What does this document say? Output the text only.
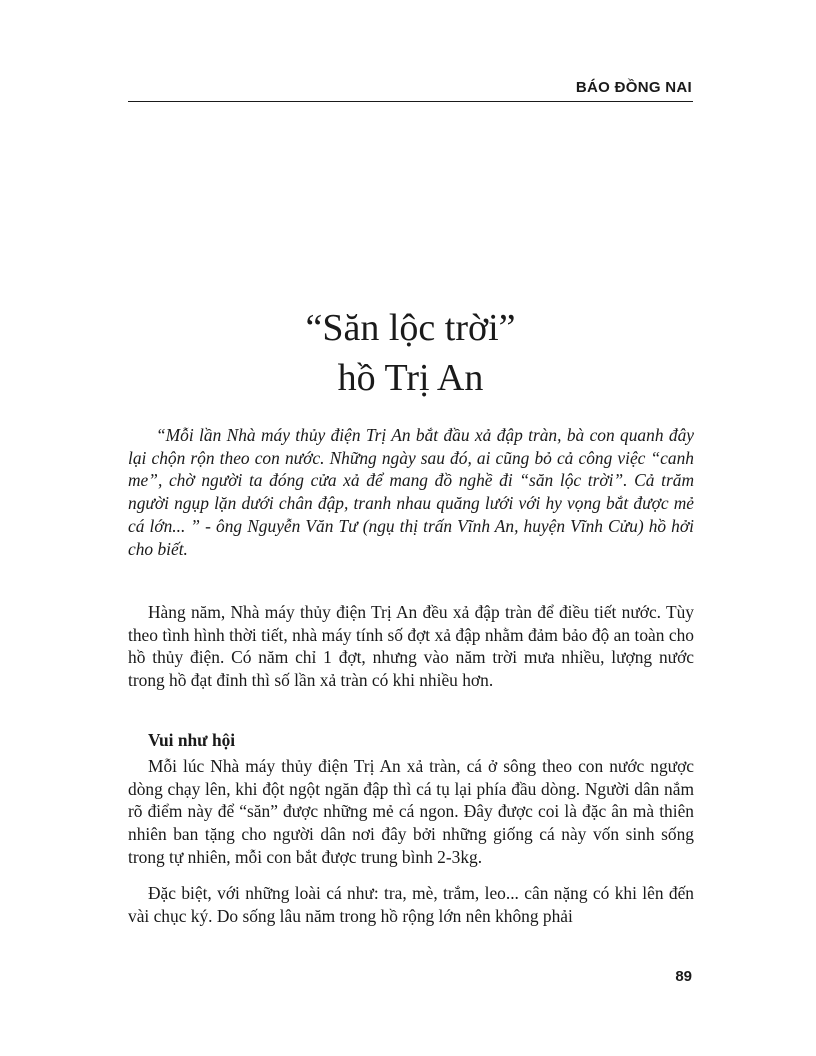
BÁO ĐỒNG NAI
“Săn lộc trời”
hồ Trị An

“Mỗi lần Nhà máy thủy điện Trị An bắt đầu xả đập tràn, bà con quanh đây lại chộn rộn theo con nước. Những ngày sau đó, ai cũng bỏ cả công việc “canh me”, chờ người ta đóng cửa xả để mang đồ nghề đi “săn lộc trời”. Cả trăm người ngụp lặn dưới chân đập, tranh nhau quăng lưới với hy vọng bắt được mẻ cá lớn... ” - ông Nguyễn Văn Tư (ngụ thị trấn Vĩnh An, huyện Vĩnh Cửu) hồ hởi cho biết.

Hàng năm, Nhà máy thủy điện Trị An đều xả đập tràn để điều tiết nước. Tùy theo tình hình thời tiết, nhà máy tính số đợt xả đập nhằm đảm bảo độ an toàn cho hồ thủy điện. Có năm chỉ 1 đợt, nhưng vào năm trời mưa nhiều, lượng nước trong hồ đạt đỉnh thì số lần xả tràn có khi nhiều hơn.

Vui như hội

Mỗi lúc Nhà máy thủy điện Trị An xả tràn, cá ở sông theo con nước ngược dòng chạy lên, khi đột ngột ngăn đập thì cá tụ lại phía đầu dòng. Người dân nắm rõ điểm này để “săn” được những mẻ cá ngon. Đây được coi là đặc ân mà thiên nhiên ban tặng cho người dân nơi đây bởi những giống cá này vốn sinh sống trong tự nhiên, mỗi con bắt được trung bình 2-3kg.

Đặc biệt, với những loài cá như: tra, mè, trắm, leo... cân nặng có khi lên đến vài chục ký. Do sống lâu năm trong hồ rộng lớn nên không phải

89
